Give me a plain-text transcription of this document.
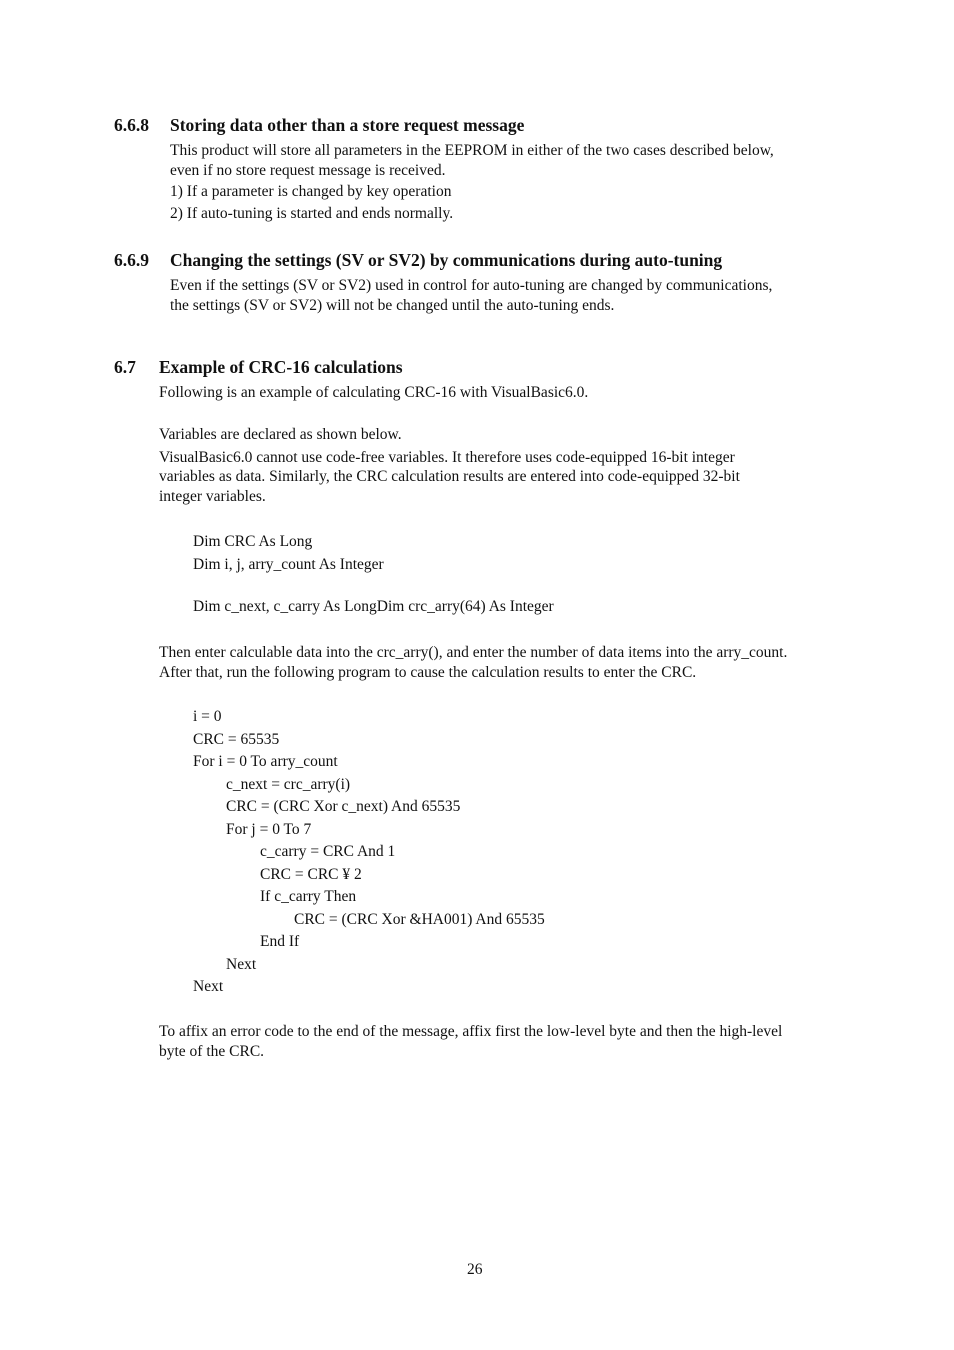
6.6.8 Storing data other than a store request message
This product will store all parameters in the EEPROM in either of the two cases described below,
even if no store request message is received.
1) If a parameter is changed by key operation
2) If auto-tuning is started and ends normally.
6.6.9 Changing the settings (SV or SV2) by communications during auto-tuning
Even if the settings (SV or SV2) used in control for auto-tuning are changed by communications,
the settings (SV or SV2) will not be changed until the auto-tuning ends.
6.7 Example of CRC-16 calculations
Following is an example of calculating CRC-16 with VisualBasic6.0.
Variables are declared as shown below.
VisualBasic6.0 cannot use code-free variables. It therefore uses code-equipped 16-bit integer
variables as data. Similarly, the CRC calculation results are entered into code-equipped 32-bit
integer variables.
Dim CRC As Long
Dim i, j, arry_count As Integer
Dim c_next, c_carry As LongDim crc_arry(64) As Integer
Then enter calculable data into the crc_arry(), and enter the number of data items into the arry_count.
After that, run the following program to cause the calculation results to enter the CRC.
i = 0
CRC = 65535
For i = 0 To arry_count
c_next = crc_arry(i)
CRC = (CRC Xor c_next) And 65535
For j = 0 To 7
c_carry = CRC And 1
CRC = CRC ¥ 2
If c_carry Then
CRC = (CRC Xor &HA001) And 65535
End If
Next
Next
To affix an error code to the end of the message, affix first the low-level byte and then the high-level
byte of the CRC.
26
